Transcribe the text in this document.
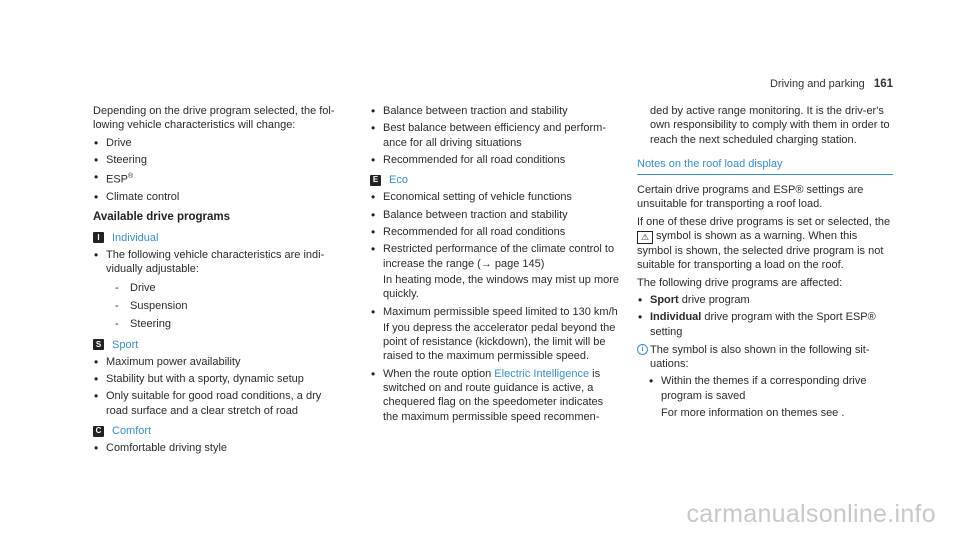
Driving and parking 161

Depending on the drive program selected, the fol-lowing vehicle characteristics will change:

• Drive
• Steering
• ESP®
• Climate control
Available drive programs
I	Individual
• The following vehicle characteristics are indi-vidually adjustable:
- Drive
- Suspension
- Steering
S Sport
• Maximum power availability
• Stability but with a sporty, dynamic setup
• Only suitable for good road conditions, a dry road surface and a clear stretch of road
C Comfort
• Comfortable driving style
• Balance between traction and stability
• Best balance between efficiency and perform-ance for all driving situations
• Recommended for all road conditions
E Eco
• Economical setting of vehicle functions
• Balance between traction and stability
• Recommended for all road conditions
• Restricted performance of the climate control to increase the range (→ page 145)
In heating mode, the windows may mist up more quickly.
• Maximum permissible speed limited to 130 km/h
If you depress the accelerator pedal beyond the point of resistance (kickdown), the limit will be raised to the maximum permissible speed.
• When the route option Electric Intelligence is switched on and route guidance is active, a chequered flag on the speedometer indicates the maximum permissible speed recommen-
ded by active range monitoring. It is the driv-er's own responsibility to comply with them in order to reach the next scheduled charging station.
Notes on the roof load display

Certain drive programs and ESP® settings are unsuitable for transporting a roof load.

If one of these drive programs is set or selected, the ⚠ symbol is shown as a warning. When this symbol is shown, the selected drive program is not suitable for transporting a load on the roof.

The following drive programs are affected:

• Sport drive program
• Individual drive program with the Sport ESP® setting
i The symbol is also shown in the following sit-uations:
• Within the themes if a corresponding drive program is saved
For more information on themes see .
carmanualsonline.info
